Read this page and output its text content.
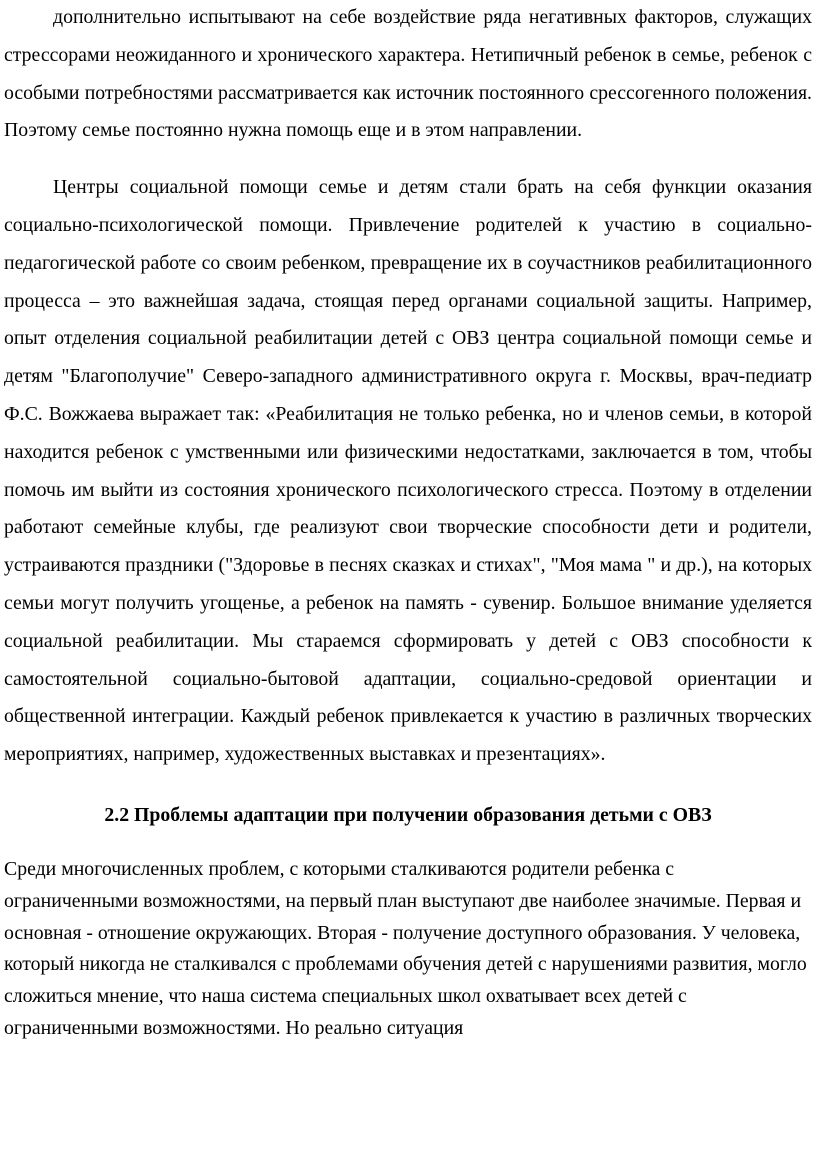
дополнительно испытывают на себе воздействие ряда негативных факторов, служащих стрессорами неожиданного и хронического характера. Нетипичный ребенок в семье, ребенок с особыми потребностями рассматривается как источник постоянного срессогенного положения. Поэтому семье постоянно нужна помощь еще и в этом направлении.

Центры социальной помощи семье и детям стали брать на себя функции оказания социально-психологической помощи. Привлечение родителей к участию в социально-педагогической работе со своим ребенком, превращение их в соучастников реабилитационного процесса – это важнейшая задача, стоящая перед органами социальной защиты. Например, опыт отделения социальной реабилитации детей с ОВЗ центра социальной помощи семье и детям "Благополучие" Северо-западного административного округа г. Москвы, врач-педиатр Ф.С. Вожжаева выражает так: «Реабилитация не только ребенка, но и членов семьи, в которой находится ребенок с умственными или физическими недостатками, заключается в том, чтобы помочь им выйти из состояния хронического психологического стресса. Поэтому в отделении работают семейные клубы, где реализуют свои творческие способности дети и родители, устраиваются праздники ("Здоровье в песнях сказках и стихах", "Моя мама " и др.), на которых семьи могут получить угощенье, а ребенок на память - сувенир. Большое внимание уделяется социальной реабилитации. Мы стараемся сформировать у детей с ОВЗ способности к самостоятельной социально-бытовой адаптации, социально-средовой ориентации и общественной интеграции. Каждый ребенок привлекается к участию в различных творческих мероприятиях, например, художественных выставках и презентациях».

2.2 Проблемы адаптации при получении образования детьми с ОВЗ

Среди многочисленных проблем, с которыми сталкиваются родители ребенка с ограниченными возможностями, на первый план выступают две наиболее значимые. Первая и основная - отношение окружающих. Вторая - получение доступного образования. У человека, который никогда не сталкивался с проблемами обучения детей с нарушениями развития, могло сложиться мнение, что наша система специальных школ охватывает всех детей с ограниченными возможностями. Но реально ситуация
